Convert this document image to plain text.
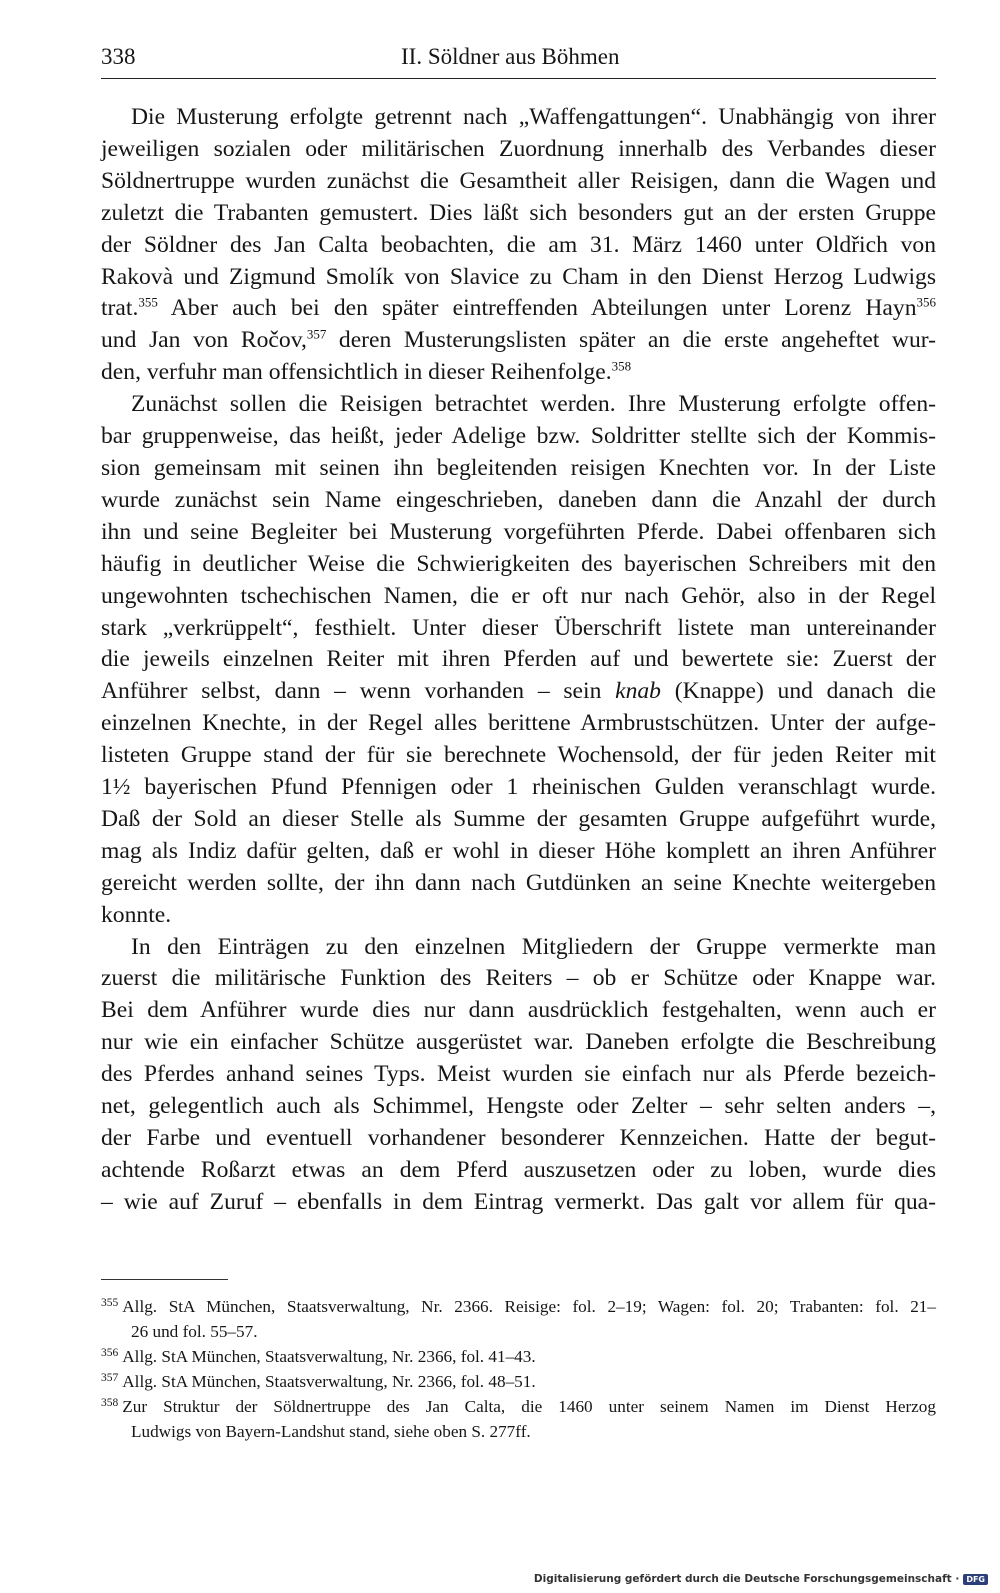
338	II. Söldner aus Böhmen
Die Musterung erfolgte getrennt nach „Waffengattungen“. Unabhängig von ihrer
jeweiligen sozialen oder militärischen Zuordnung innerhalb des Verbandes dieser
Söldnertruppe wurden zunächst die Gesamtheit aller Reisigen, dann die Wagen und
zuletzt die Trabanten gemustert. Dies läßt sich besonders gut an der ersten Gruppe
der Söldner des Jan Calta beobachten, die am 31. März 1460 unter Oldřich von
Rakovà und Zigmund Smolík von Slavice zu Cham in den Dienst Herzog Ludwigs
trat.$^{355}$ Aber auch bei den später eintreffenden Abteilungen unter Lorenz Hayn$^{356}$
und Jan von Ročov,$^{357}$ deren Musterungslisten später an die erste angeheftet wur-
den, verfuhr man offensichtlich in dieser Reihenfolge.$^{358}$
Zunächst sollen die Reisigen betrachtet werden. Ihre Musterung erfolgte offen-
bar gruppenweise, das heißt, jeder Adelige bzw. Soldritter stellte sich der Kommis-
sion gemeinsam mit seinen ihn begleitenden reisigen Knechten vor. In der Liste
wurde zunächst sein Name eingeschrieben, daneben dann die Anzahl der durch
ihn und seine Begleiter bei Musterung vorgeführten Pferde. Dabei offenbaren sich
häufig in deutlicher Weise die Schwierigkeiten des bayerischen Schreibers mit den
ungewohnten tschechischen Namen, die er oft nur nach Gehör, also in der Regel
stark „verkrüppelt“, festhielt. Unter dieser Überschrift listete man untereinander
die jeweils einzelnen Reiter mit ihren Pferden auf und bewertete sie: Zuerst der
Anführer selbst, dann – wenn vorhanden – sein knab (Knappe) und danach die
einzelnen Knechte, in der Regel alles berittene Armbrustschützen. Unter der aufge-
listeten Gruppe stand der für sie berechnete Wochensold, der für jeden Reiter mit
1½ bayerischen Pfund Pfennigen oder 1 rheinischen Gulden veranschlagt wurde.
Daß der Sold an dieser Stelle als Summe der gesamten Gruppe aufgeführt wurde,
mag als Indiz dafür gelten, daß er wohl in dieser Höhe komplett an ihren Anführer
gereicht werden sollte, der ihn dann nach Gutdünken an seine Knechte weitergeben
konnte.
In den Einträgen zu den einzelnen Mitgliedern der Gruppe vermerkte man
zuerst die militärische Funktion des Reiters – ob er Schütze oder Knappe war.
Bei dem Anführer wurde dies nur dann ausdrücklich festgehalten, wenn auch er
nur wie ein einfacher Schütze ausgerüstet war. Daneben erfolgte die Beschreibung
des Pferdes anhand seines Typs. Meist wurden sie einfach nur als Pferde bezeich-
net, gelegentlich auch als Schimmel, Hengste oder Zelter – sehr selten anders –,
der Farbe und eventuell vorhandener besonderer Kennzeichen. Hatte der begut-
achtende Roßarzt etwas an dem Pferd auszusetzen oder zu loben, wurde dies
– wie auf Zuruf – ebenfalls in dem Eintrag vermerkt. Das galt vor allem für qua-
$^{355}$ Allg. StA München, Staatsverwaltung, Nr. 2366. Reisige: fol. 2–19; Wagen: fol. 20; Trabanten: fol. 21–
26 und fol. 55–57.
$^{356}$ Allg. StA München, Staatsverwaltung, Nr. 2366, fol. 41–43.
$^{357}$ Allg. StA München, Staatsverwaltung, Nr. 2366, fol. 48–51.
$^{358}$ Zur Struktur der Söldnertruppe des Jan Calta, die 1460 unter seinem Namen im Dienst Herzog
Ludwigs von Bayern-Landshut stand, siehe oben S. 277ff.
Digitalisierung gefördert durch die Deutsche Forschungsgemeinschaft · DFG
